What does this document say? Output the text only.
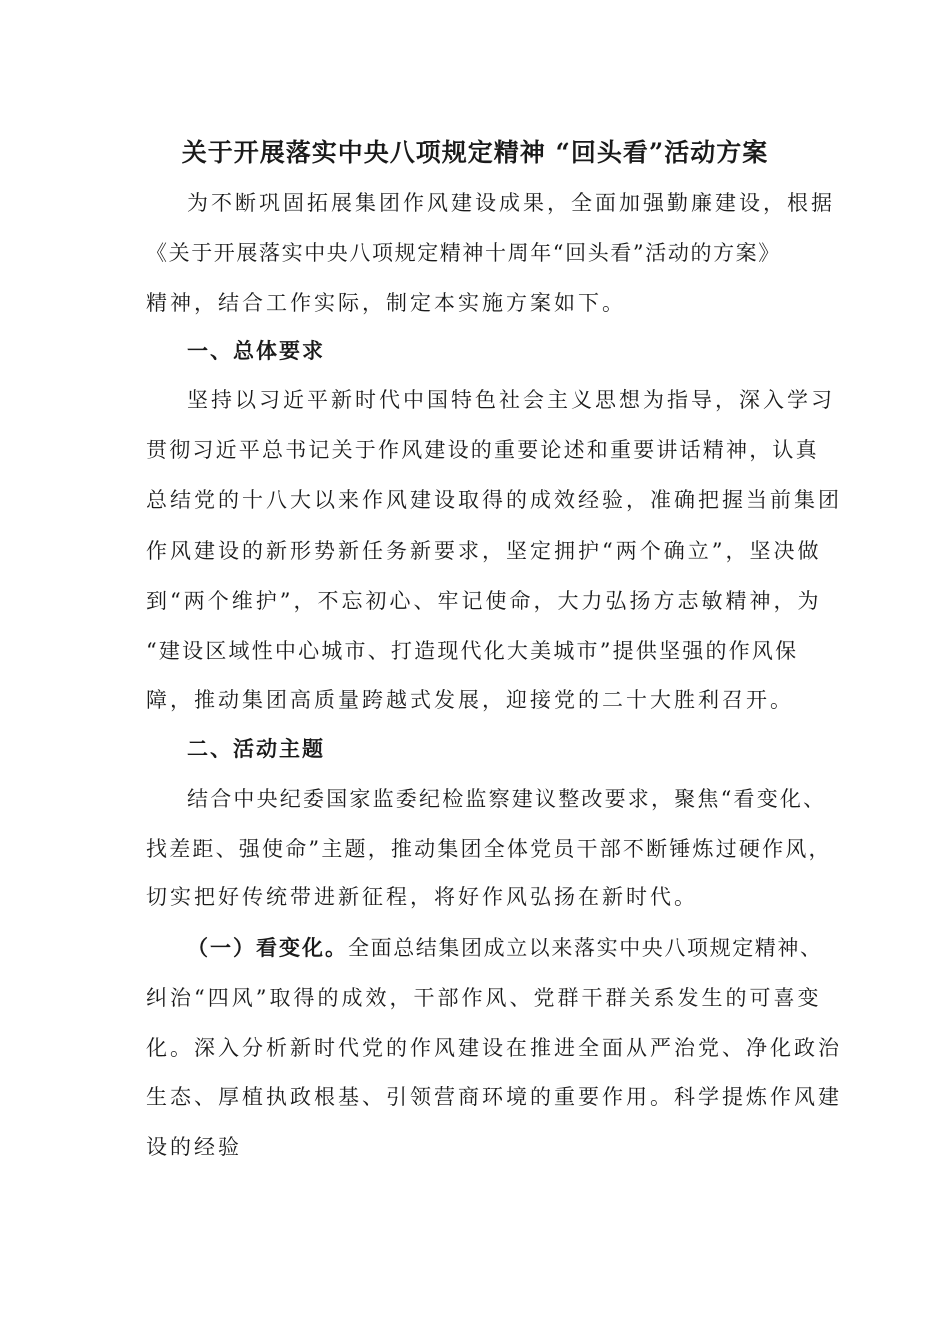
关于开展落实中央八项规定精神 “回头看”活动方案

为不断巩固拓展集团作风建设成果，全面加强勤廉建设，根据

《关于开展落实中央八项规定精神十周年“回头看”活动的方案》

精神，结合工作实际，制定本实施方案如下。

一、总体要求

坚持以习近平新时代中国特色社会主义思想为指导，深入学习

贯彻习近平总书记关于作风建设的重要论述和重要讲话精神，认真

总结党的十八大以来作风建设取得的成效经验，准确把握当前集团

作风建设的新形势新任务新要求，坚定拥护“两个确立”，坚决做

到“两个维护”，不忘初心、牢记使命，大力弘扬方志敏精神，为

“建设区域性中心城市、打造现代化大美城市”提供坚强的作风保

障，推动集团高质量跨越式发展，迎接党的二十大胜利召开。

二、活动主题

结合中央纪委国家监委纪检监察建议整改要求，聚焦“看变化、

找差距、强使命”主题，推动集团全体党员干部不断锤炼过硬作风，

切实把好传统带进新征程，将好作风弘扬在新时代。

（一）看变化。全面总结集团成立以来落实中央八项规定精神、

纠治“四风”取得的成效，干部作风、党群干群关系发生的可喜变

化。深入分析新时代党的作风建设在推进全面从严治党、净化政治

生态、厚植执政根基、引领营商环境的重要作用。科学提炼作风建

设的经验
